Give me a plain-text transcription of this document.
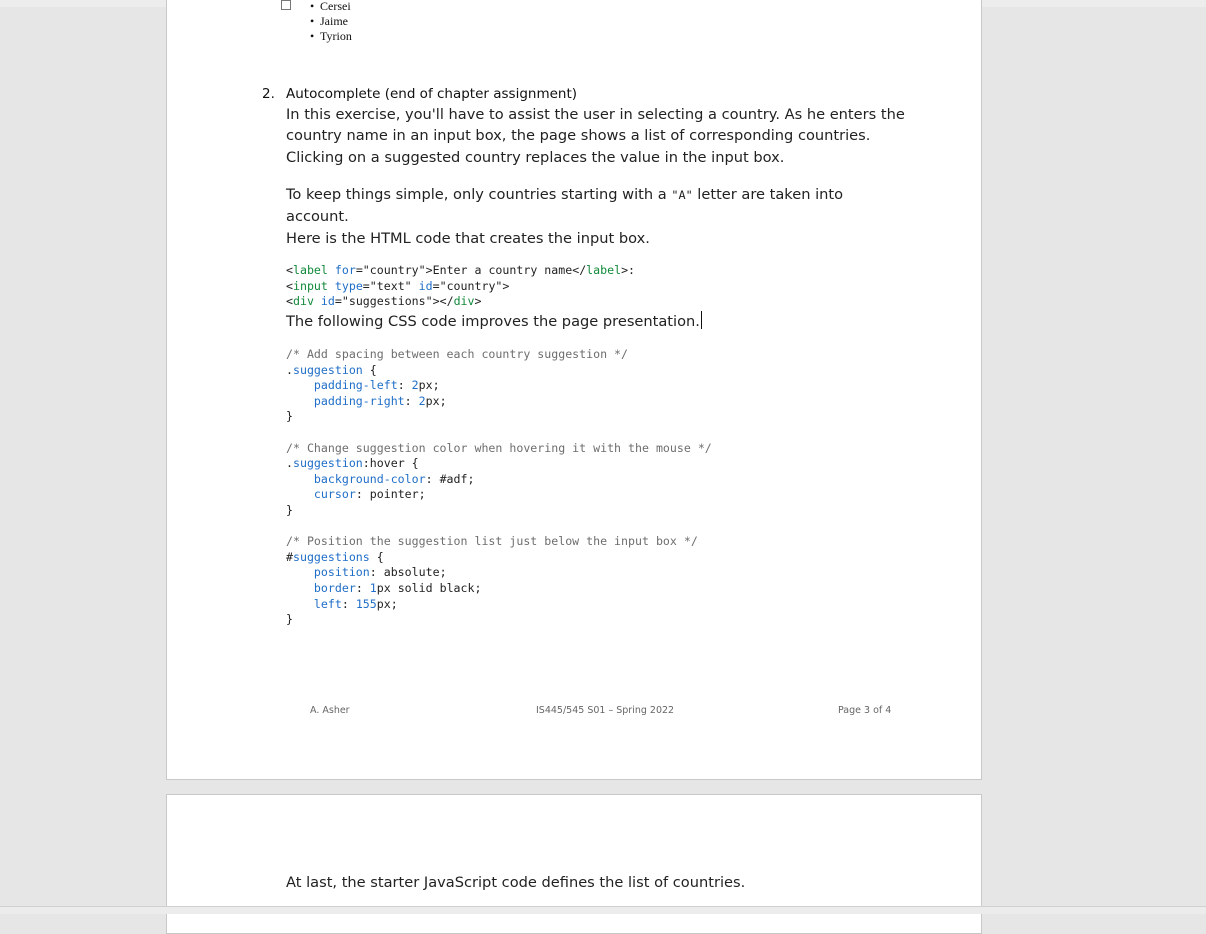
• Cersei
• Jaime
• Tyrion
2. Autocomplete (end of chapter assignment)
In this exercise, you'll have to assist the user in selecting a country. As he enters the
country name in an input box, the page shows a list of corresponding countries.
Clicking on a suggested country replaces the value in the input box.
To keep things simple, only countries starting with a "A" letter are taken into
account.
Here is the HTML code that creates the input box.
<label for="country">Enter a country name</label>:
<input type="text" id="country">
<div id="suggestions"></div>
The following CSS code improves the page presentation.
/* Add spacing between each country suggestion */
.suggestion {
padding-left: 2px;
padding-right: 2px;
}

/* Change suggestion color when hovering it with the mouse */
.suggestion:hover {
background-color: #adf;
cursor: pointer;
}

/* Position the suggestion list just below the input box */
#suggestions {
position: absolute;
border: 1px solid black;
left: 155px;
}
A. Asher	IS445/545 S01 – Spring 2022	Page 3 of 4
At last, the starter JavaScript code defines the list of countries.
